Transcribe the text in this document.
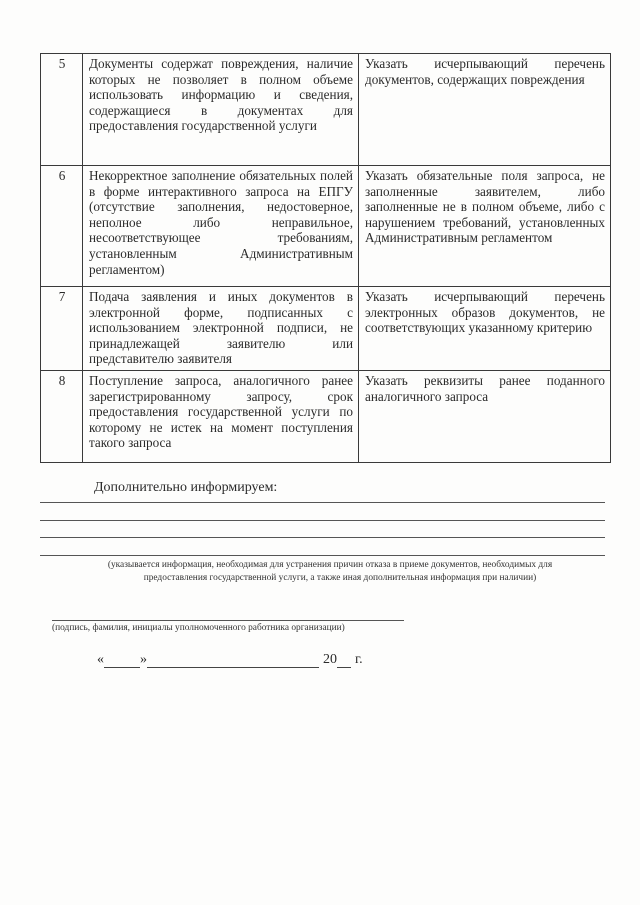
5	Документы содержат повреждения, наличие которых не позволяет в полном объеме использовать информацию и сведения, содержащиеся в документах для предоставления государственной услуги	Указать исчерпывающий перечень документов, содержащих повреждения
6	Некорректное заполнение обязательных полей в форме интерактивного запроса на ЕПГУ (отсутствие заполнения, недостоверное, неполное либо неправильное, несоответствующее требованиям, установленным Административным регламентом)	Указать обязательные поля запроса, не заполненные заявителем, либо заполненные не в полном объеме, либо с нарушением требований, установленных Административным регламентом
7	Подача заявления и иных документов в электронной форме, подписанных с использованием электронной подписи, не принадлежащей заявителю или представителю заявителя	Указать исчерпывающий перечень электронных образов документов, не соответствующих указанному критерию
8	Поступление запроса, аналогичного ранее зарегистрированному запросу, срок предоставления государственной услуги по которому не истек на момент поступления такого запроса	Указать реквизиты ранее поданного аналогичного запроса
Дополнительно информируем:
(указывается информация, необходимая для устранения причин отказа в приеме документов, необходимых для
предоставления государственной услуги, а также иная дополнительная информация при наличии)
(подпись, фамилия, инициалы уполномоченного работника организации)
«	»	20 г.
